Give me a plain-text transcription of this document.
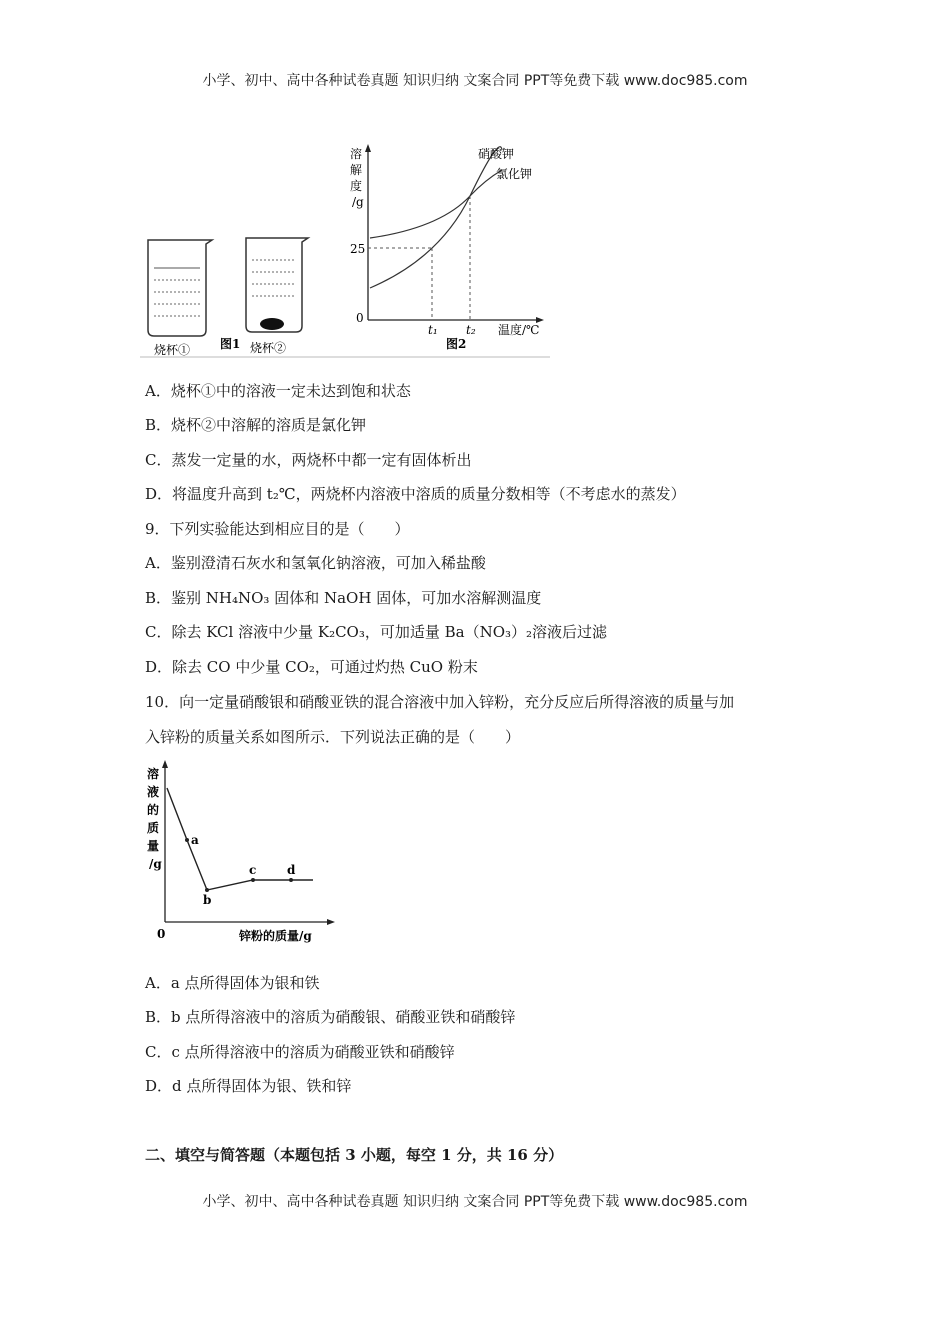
小学、初中、高中各种试卷真题 知识归纳 文案合同 PPT等免费下载 www.doc985.com
烧杯①	烧杯②
图1
溶
解
度
/g
25
0
t₁ t₂ 温度/℃
图2
硝酸钾
氯化钾
A．烧杯①中的溶液一定未达到饱和状态
B．烧杯②中溶解的溶质是氯化钾
C．蒸发一定量的水，两烧杯中都一定有固体析出
D．将温度升高到 t₂℃，两烧杯内溶液中溶质的质量分数相等（不考虑水的蒸发）
9．下列实验能达到相应目的是（　　）
A．鉴别澄清石灰水和氢氧化钠溶液，可加入稀盐酸
B．鉴别 NH₄NO₃ 固体和 NaOH 固体，可加水溶解测温度
C．除去 KCl 溶液中少量 K₂CO₃，可加适量 Ba（NO₃）₂溶液后过滤
D．除去 CO 中少量 CO₂，可通过灼热 CuO 粉末
10．向一定量硝酸银和硝酸亚铁的混合溶液中加入锌粉，充分反应后所得溶液的质量与加
入锌粉的质量关系如图所示．下列说法正确的是（　　）
溶
液
的
质
量
/g
0	锌粉的质量/g
a
b
c	d
A．a 点所得固体为银和铁
B．b 点所得溶液中的溶质为硝酸银、硝酸亚铁和硝酸锌
C．c 点所得溶液中的溶质为硝酸亚铁和硝酸锌
D．d 点所得固体为银、铁和锌
二、填空与简答题（本题包括 3 小题，每空 1 分，共 16 分）
小学、初中、高中各种试卷真题 知识归纳 文案合同 PPT等免费下载 www.doc985.com
